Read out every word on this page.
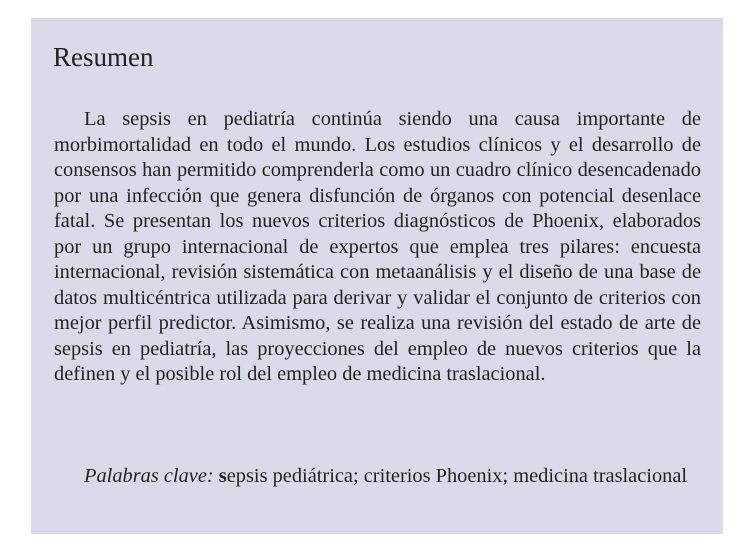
Resumen

La sepsis en pediatría continúa siendo una causa importante de morbimortalidad en todo el mundo. Los estudios clínicos y el desarrollo de consensos han permitido comprenderla como un cuadro clínico desencadenado por una infección que genera disfunción de órganos con potencial desenlace fatal. Se presentan los nuevos criterios diagnósticos de Phoenix, elaborados por un grupo internacional de expertos que emplea tres pilares: encuesta internacional, revisión sistemática con metaanálisis y el diseño de una base de datos multicéntrica utilizada para derivar y validar el conjunto de criterios con mejor perfil predictor. Asimismo, se realiza una revisión del estado de arte de sepsis en pediatría, las proyecciones del empleo de nuevos criterios que la definen y el posible rol del empleo de medicina traslacional.

Palabras clave: sepsis pediátrica; criterios Phoenix; medicina traslacional
